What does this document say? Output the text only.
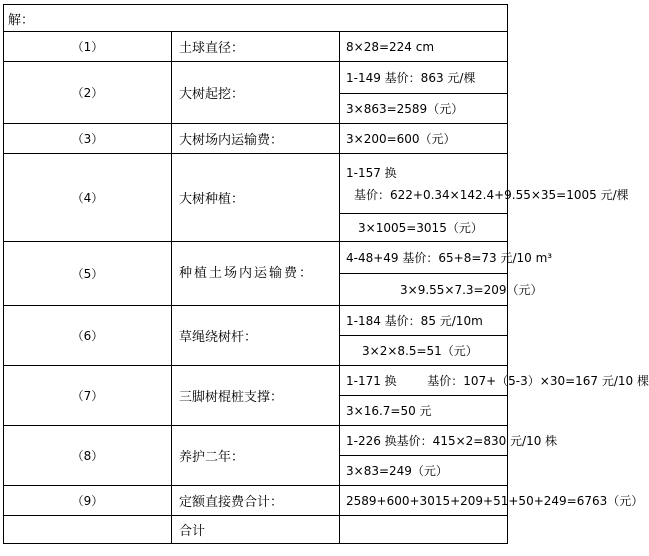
解：		
（1）	土球直径：	8×28=224 cm
（2）	大树起挖：	1-149 基价：863 元/棵
		3×863=2589（元）
（3）	大树场内运输费：	3×200=600（元）
（4）	大树种植：	1-157 换
基价：622+0.34×142.4+9.55×35=1005 元/棵

		3×1005=3015（元）
（5）	种植土场内运输费：	4-48+49 基价：65+8=73 元/10 m³
		3×9.55×7.3=209（元）
（6）	草绳绕树杆：	1-184 基价：85 元/10m
		3×2×8.5=51（元）
（7）	三脚树棍桩支撑：	1-171 换        基价：107+（5-3）×30=167 元/10 棵
		3×16.7=50 元
（8）	养护二年：	1-226 换基价：415×2=830 元/10 株
		3×83=249（元）
（9）	定额直接费合计：	2589+600+3015+209+51+50+249=6763（元）
	合计	
